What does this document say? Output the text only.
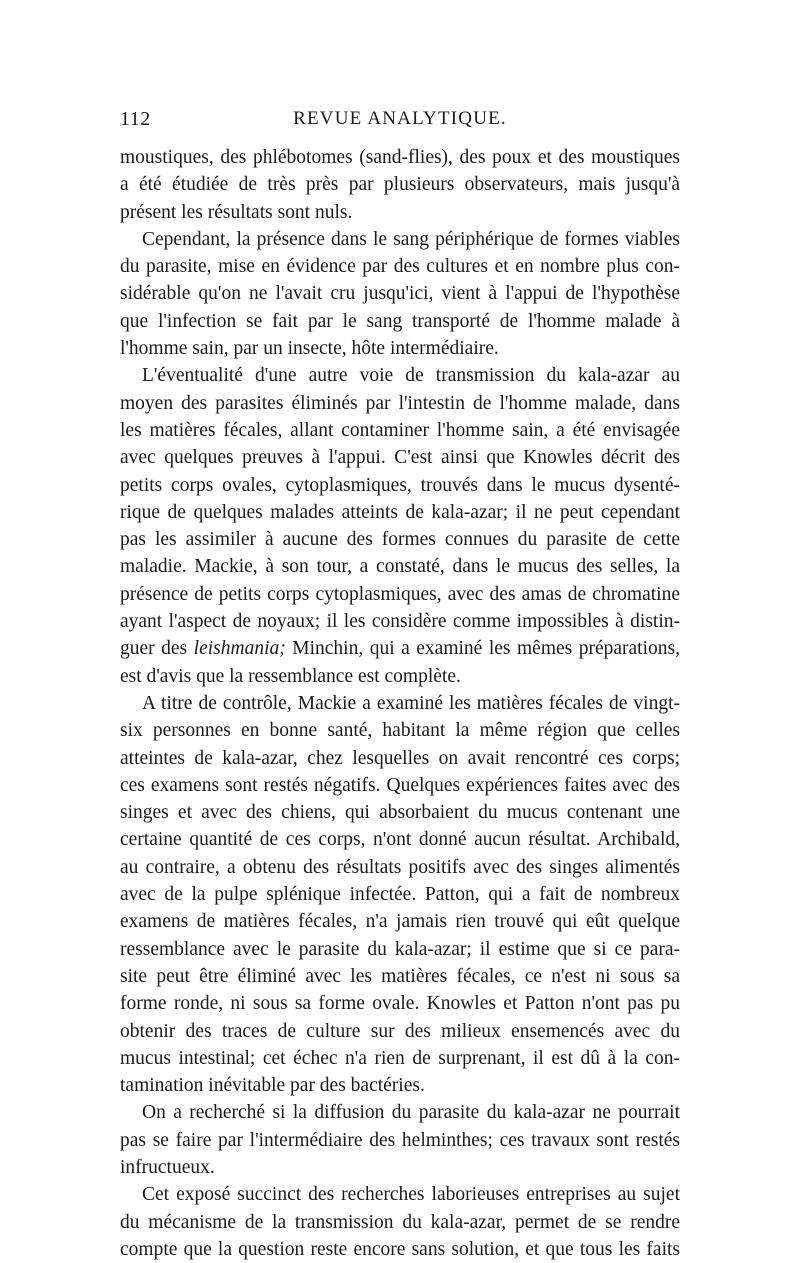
112	REVUE ANALYTIQUE.
moustiques, des phlébotomes (sand-flies), des poux et des moustiques
a été étudiée de très près par plusieurs observateurs, mais jusqu'à
présent les résultats sont nuls.
Cependant, la présence dans le sang périphérique de formes viables
du parasite, mise en évidence par des cultures et en nombre plus con-
sidérable qu'on ne l'avait cru jusqu'ici, vient à l'appui de l'hypothèse
que l'infection se fait par le sang transporté de l'homme malade à
l'homme sain, par un insecte, hôte intermédiaire.
L'éventualité d'une autre voie de transmission du kala-azar au
moyen des parasites éliminés par l'intestin de l'homme malade, dans
les matières fécales, allant contaminer l'homme sain, a été envisagée
avec quelques preuves à l'appui. C'est ainsi que Knowles décrit des
petits corps ovales, cytoplasmiques, trouvés dans le mucus dysenté-
rique de quelques malades atteints de kala-azar; il ne peut cependant
pas les assimiler à aucune des formes connues du parasite de cette
maladie. Mackie, à son tour, a constaté, dans le mucus des selles, la
présence de petits corps cytoplasmiques, avec des amas de chromatine
ayant l'aspect de noyaux; il les considère comme impossibles à distin-
guer des leishmania; Minchin, qui a examiné les mêmes préparations,
est d'avis que la ressemblance est complète.
A titre de contrôle, Mackie a examiné les matières fécales de vingt-
six personnes en bonne santé, habitant la même région que celles
atteintes de kala-azar, chez lesquelles on avait rencontré ces corps;
ces examens sont restés négatifs. Quelques expériences faites avec des
singes et avec des chiens, qui absorbaient du mucus contenant une
certaine quantité de ces corps, n'ont donné aucun résultat. Archibald,
au contraire, a obtenu des résultats positifs avec des singes alimentés
avec de la pulpe splénique infectée. Patton, qui a fait de nombreux
examens de matières fécales, n'a jamais rien trouvé qui eût quelque
ressemblance avec le parasite du kala-azar; il estime que si ce para-
site peut être éliminé avec les matières fécales, ce n'est ni sous sa
forme ronde, ni sous sa forme ovale. Knowles et Patton n'ont pas pu
obtenir des traces de culture sur des milieux ensemencés avec du
mucus intestinal; cet échec n'a rien de surprenant, il est dû à la con-
tamination inévitable par des bactéries.
On a recherché si la diffusion du parasite du kala-azar ne pourrait
pas se faire par l'intermédiaire des helminthes; ces travaux sont restés
infructueux.
Cet exposé succinct des recherches laborieuses entreprises au sujet
du mécanisme de la transmission du kala-azar, permet de se rendre
compte que la question reste encore sans solution, et que tous les faits
